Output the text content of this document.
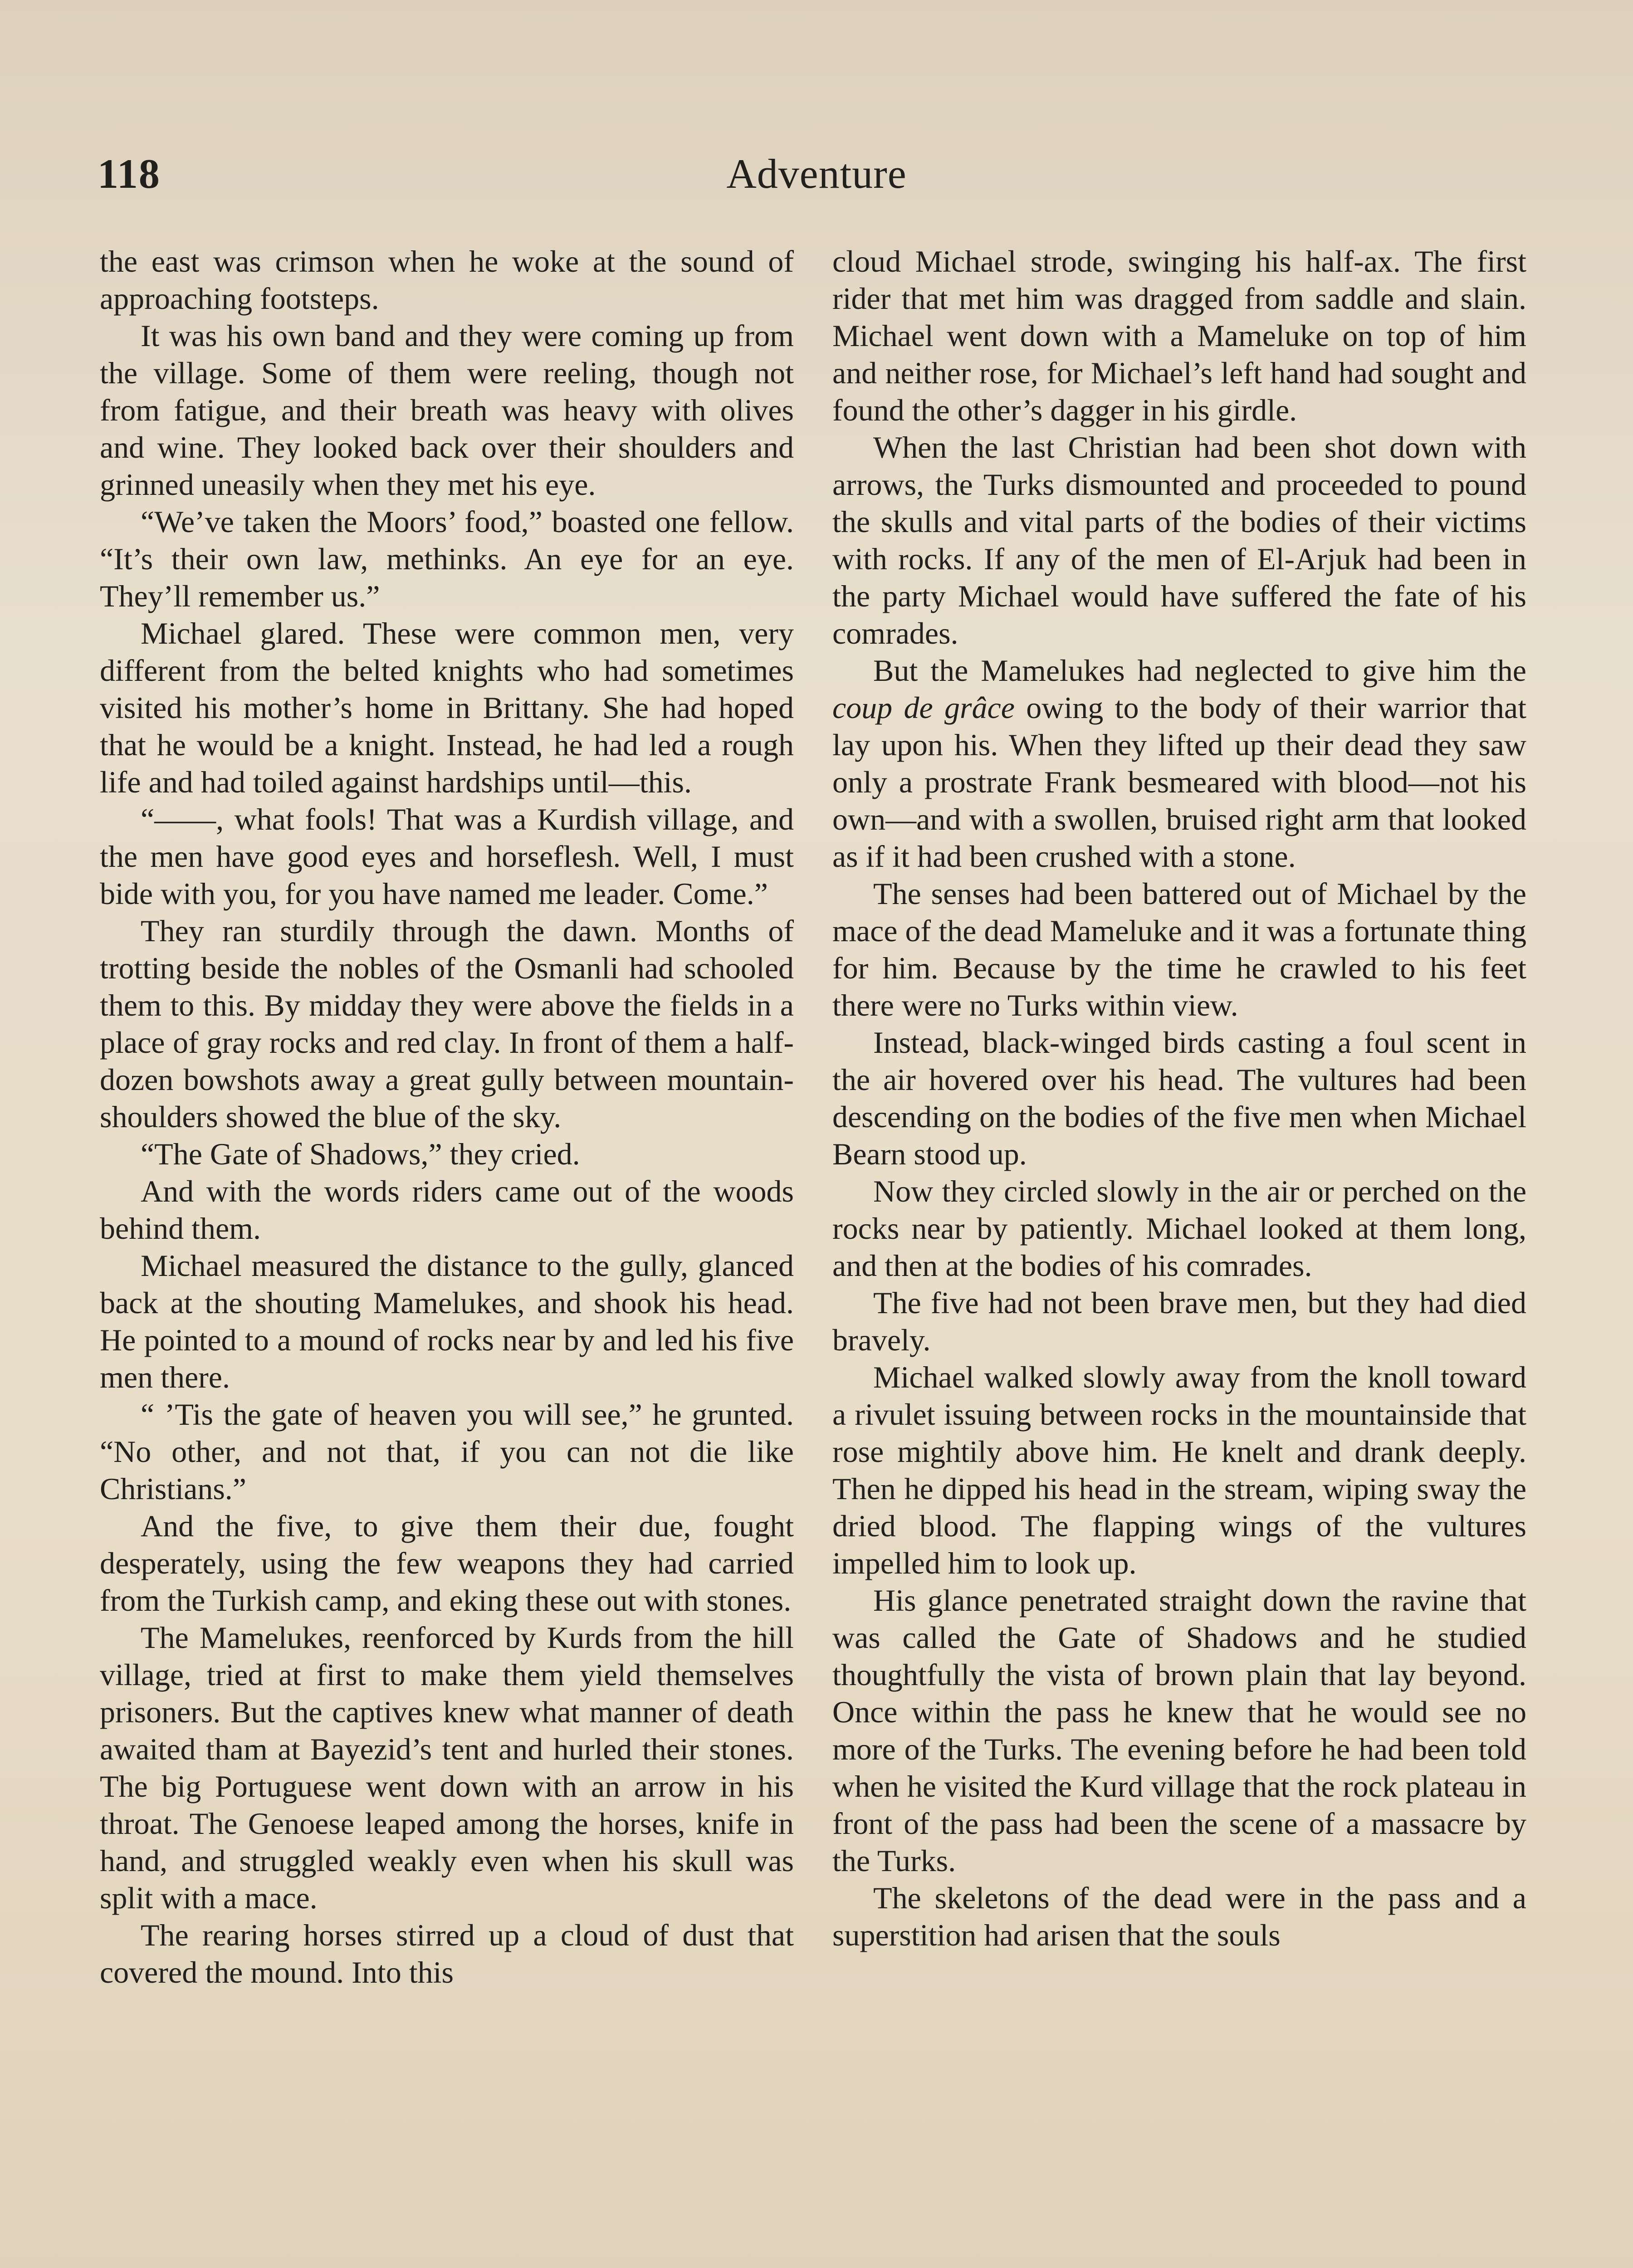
118	Adventure

the east was crimson when he woke at the sound of approaching footsteps.

It was his own band and they were coming up from the village. Some of them were reeling, though not from fatigue, and their breath was heavy with olives and wine. They looked back over their shoulders and grinned uneasily when they met his eye.

“We’ve taken the Moors’ food,” boasted one fellow. “It’s their own law, methinks. An eye for an eye. They’ll remember us.”

Michael glared. These were common men, very different from the belted knights who had sometimes visited his mother’s home in Brittany. She had hoped that he would be a knight. Instead, he had led a rough life and had toiled against hardships until—this.

“——, what fools! That was a Kurdish village, and the men have good eyes and horseflesh. Well, I must bide with you, for you have named me leader. Come.”

They ran sturdily through the dawn. Months of trotting beside the nobles of the Osmanli had schooled them to this. By midday they were above the fields in a place of gray rocks and red clay. In front of them a half-dozen bowshots away a great gully between mountain-shoulders showed the blue of the sky.

“The Gate of Shadows,” they cried.

And with the words riders came out of the woods behind them.

Michael measured the distance to the gully, glanced back at the shouting Mamelukes, and shook his head. He pointed to a mound of rocks near by and led his five men there.

“ ’Tis the gate of heaven you will see,” he grunted. “No other, and not that, if you can not die like Christians.”

And the five, to give them their due, fought desperately, using the few weapons they had carried from the Turkish camp, and eking these out with stones.

The Mamelukes, reenforced by Kurds from the hill village, tried at first to make them yield themselves prisoners. But the captives knew what manner of death awaited tham at Bayezid’s tent and hurled their stones. The big Portuguese went down with an arrow in his throat. The Genoese leaped among the horses, knife in hand, and struggled weakly even when his skull was split with a mace.

The rearing horses stirred up a cloud of dust that covered the mound. Into this

cloud Michael strode, swinging his half-ax. The first rider that met him was dragged from saddle and slain. Michael went down with a Mameluke on top of him and neither rose, for Michael’s left hand had sought and found the other’s dagger in his girdle.

When the last Christian had been shot down with arrows, the Turks dismounted and proceeded to pound the skulls and vital parts of the bodies of their victims with rocks. If any of the men of El-Arjuk had been in the party Michael would have suffered the fate of his comrades.

But the Mamelukes had neglected to give him the coup de grâce owing to the body of their warrior that lay upon his. When they lifted up their dead they saw only a prostrate Frank besmeared with blood—not his own—and with a swollen, bruised right arm that looked as if it had been crushed with a stone.

The senses had been battered out of Michael by the mace of the dead Mameluke and it was a fortunate thing for him. Because by the time he crawled to his feet there were no Turks within view.

Instead, black-winged birds casting a foul scent in the air hovered over his head. The vultures had been descending on the bodies of the five men when Michael Bearn stood up.

Now they circled slowly in the air or perched on the rocks near by patiently. Michael looked at them long, and then at the bodies of his comrades.

The five had not been brave men, but they had died bravely.

Michael walked slowly away from the knoll toward a rivulet issuing between rocks in the mountainside that rose mightily above him. He knelt and drank deeply. Then he dipped his head in the stream, wiping sway the dried blood. The flapping wings of the vultures impelled him to look up.

His glance penetrated straight down the ravine that was called the Gate of Shadows and he studied thoughtfully the vista of brown plain that lay beyond. Once within the pass he knew that he would see no more of the Turks. The evening before he had been told when he visited the Kurd village that the rock plateau in front of the pass had been the scene of a massacre by the Turks.

The skeletons of the dead were in the pass and a superstition had arisen that the souls
